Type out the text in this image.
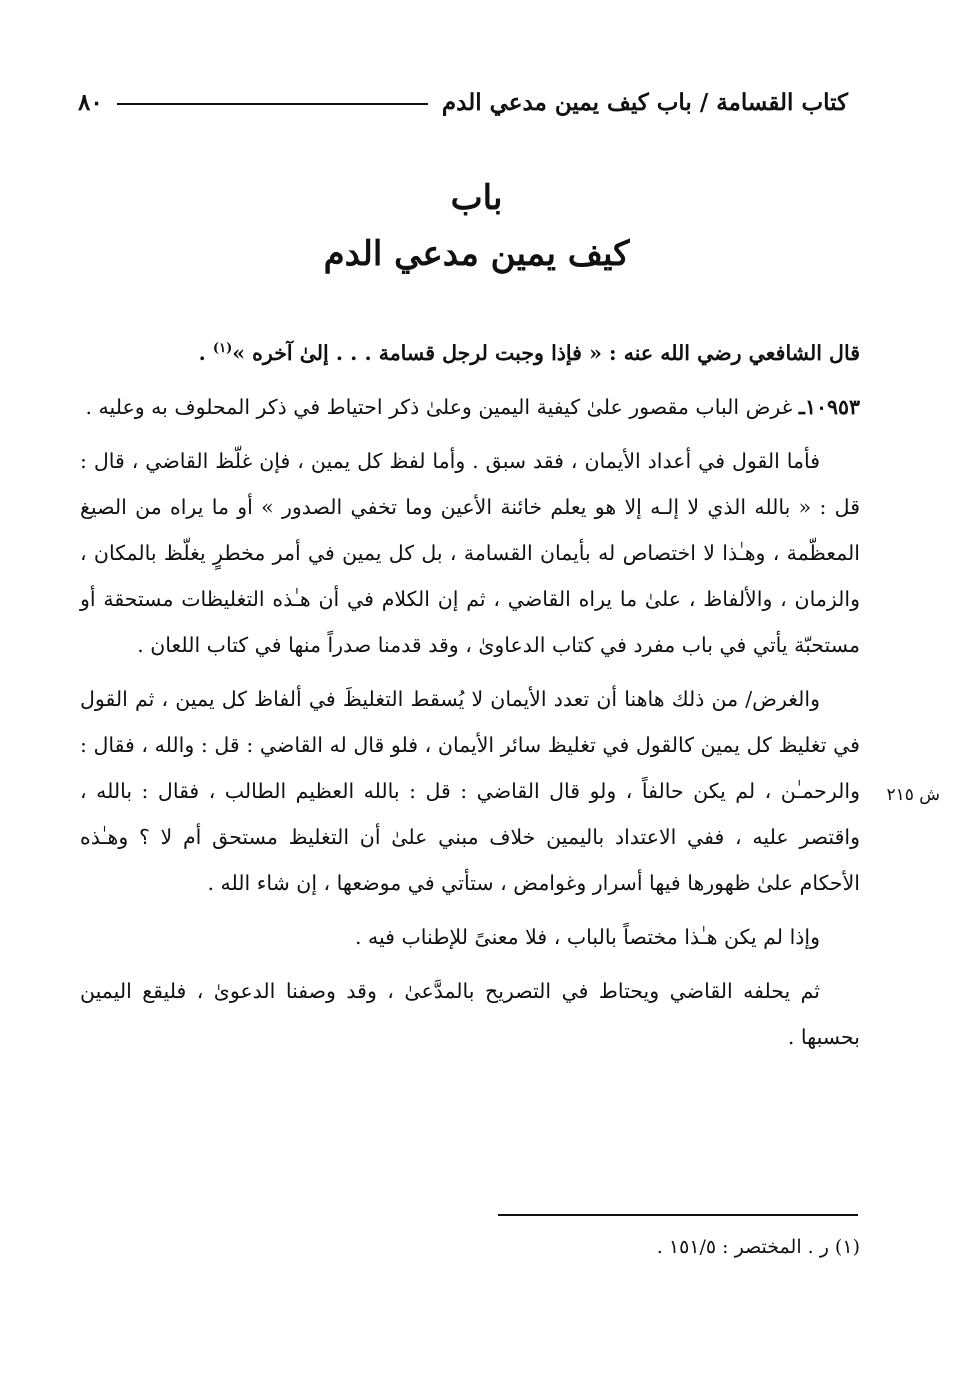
كتاب القسامة / باب كيف يمين مدعي الدم
٨٠
باب
كيف يمين مدعي الدم

قال الشافعي رضي الله عنه : « فإذا وجبت لرجل قسامة . . . إلىٰ آخره »$^{(١)}$ .

١٠٩٥٣ـ غرض الباب مقصور علىٰ كيفية اليمين وعلىٰ ذكر احتياط في ذكر المحلوف به وعليه .

فأما القول في أعداد الأيمان ، فقد سبق . وأما لفظ كل يمين ، فإن غلّظ القاضي ، قال : قل : « بالله الذي لا إلـه إلا هو يعلم خائنة الأعين وما تخفي الصدور » أو ما يراه من الصيغ المعظّمة ، وهـٰذا لا اختصاص له بأيمان القسامة ، بل كل يمين في أمر مخطرٍ يغلّظ بالمكان ، والزمان ، والألفاظ ، علىٰ ما يراه القاضي ، ثم إن الكلام في أن هـٰذه التغليظات مستحقة أو مستحبّة يأتي في باب مفرد في كتاب الدعاوىٰ ، وقد قدمنا صدراً منها في كتاب اللعان .

والغرض/ من ذلك هاهنا أن تعدد الأيمان لا يُسقط التغليظَ في ألفاظ كل يمين ، ثم القول في تغليظ كل يمين كالقول في تغليظ سائر الأيمان ، فلو قال له القاضي : قل : والله ، فقال : والرحمـٰن ، لم يكن حالفاً ، ولو قال القاضي : قل : بالله العظيم الطالب ، فقال : بالله ، واقتصر عليه ، ففي الاعتداد باليمين خلاف مبني علىٰ أن التغليظ مستحق أم لا ؟ وهـٰذه الأحكام علىٰ ظهورها فيها أسرار وغوامض ، ستأتي في موضعها ، إن شاء الله .

وإذا لم يكن هـٰذا مختصاً بالباب ، فلا معنىً للإطناب فيه .

ثم يحلفه القاضي ويحتاط في التصريح بالمدَّعىٰ ، وقد وصفنا الدعوىٰ ، فليقع اليمين بحسبها .

ش ٢١٥
(١) ر . المختصر : ١٥١/٥ .
